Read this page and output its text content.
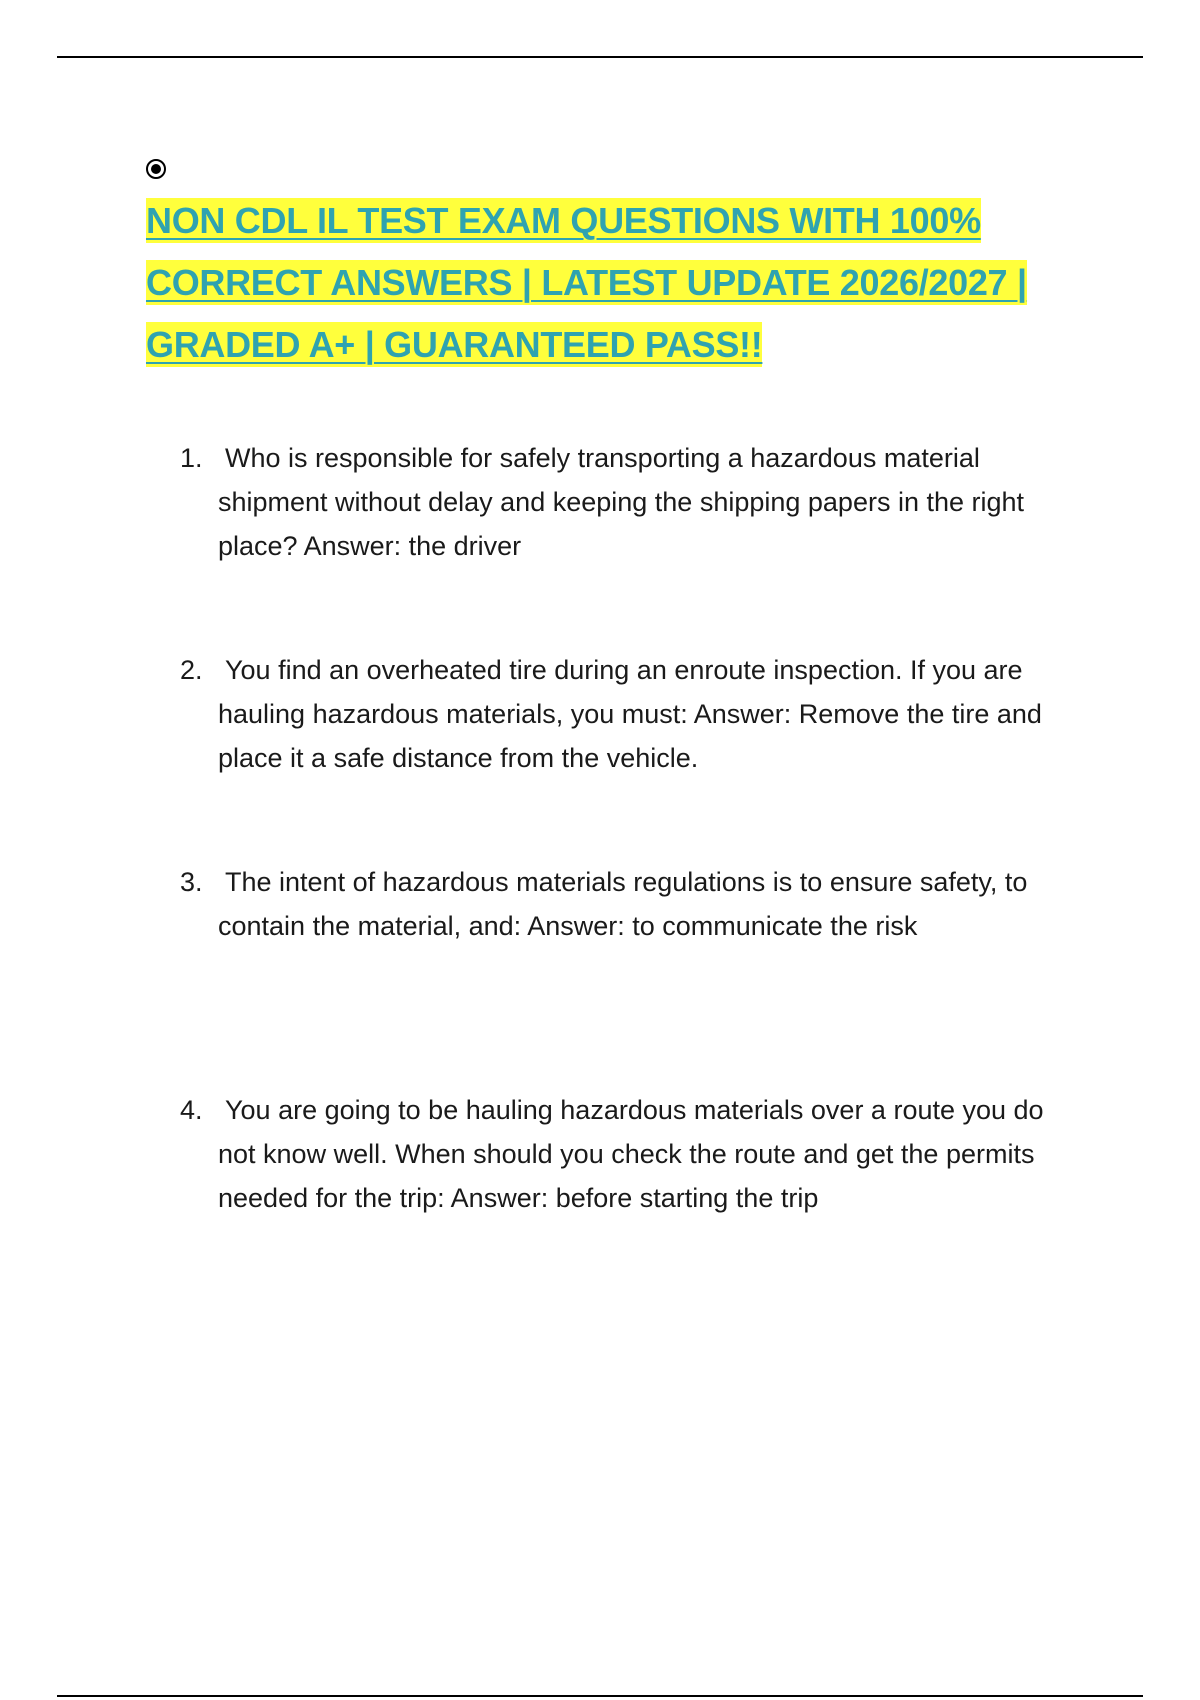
NON CDL IL TEST EXAM QUESTIONS WITH 100% CORRECT ANSWERS | LATEST UPDATE 2026/2027 | GRADED A+ | GUARANTEED PASS!!
1. Who is responsible for safely transporting a hazardous material shipment without delay and keeping the shipping papers in the right place? Answer: the driver
2. You find an overheated tire during an enroute inspection. If you are hauling hazardous materials, you must: Answer: Remove the tire and place it a safe distance from the vehicle.
3. The intent of hazardous materials regulations is to ensure safety, to contain the material, and: Answer: to communicate the risk
4. You are going to be hauling hazardous materials over a route you do not know well. When should you check the route and get the permits needed for the trip: Answer: before starting the trip
